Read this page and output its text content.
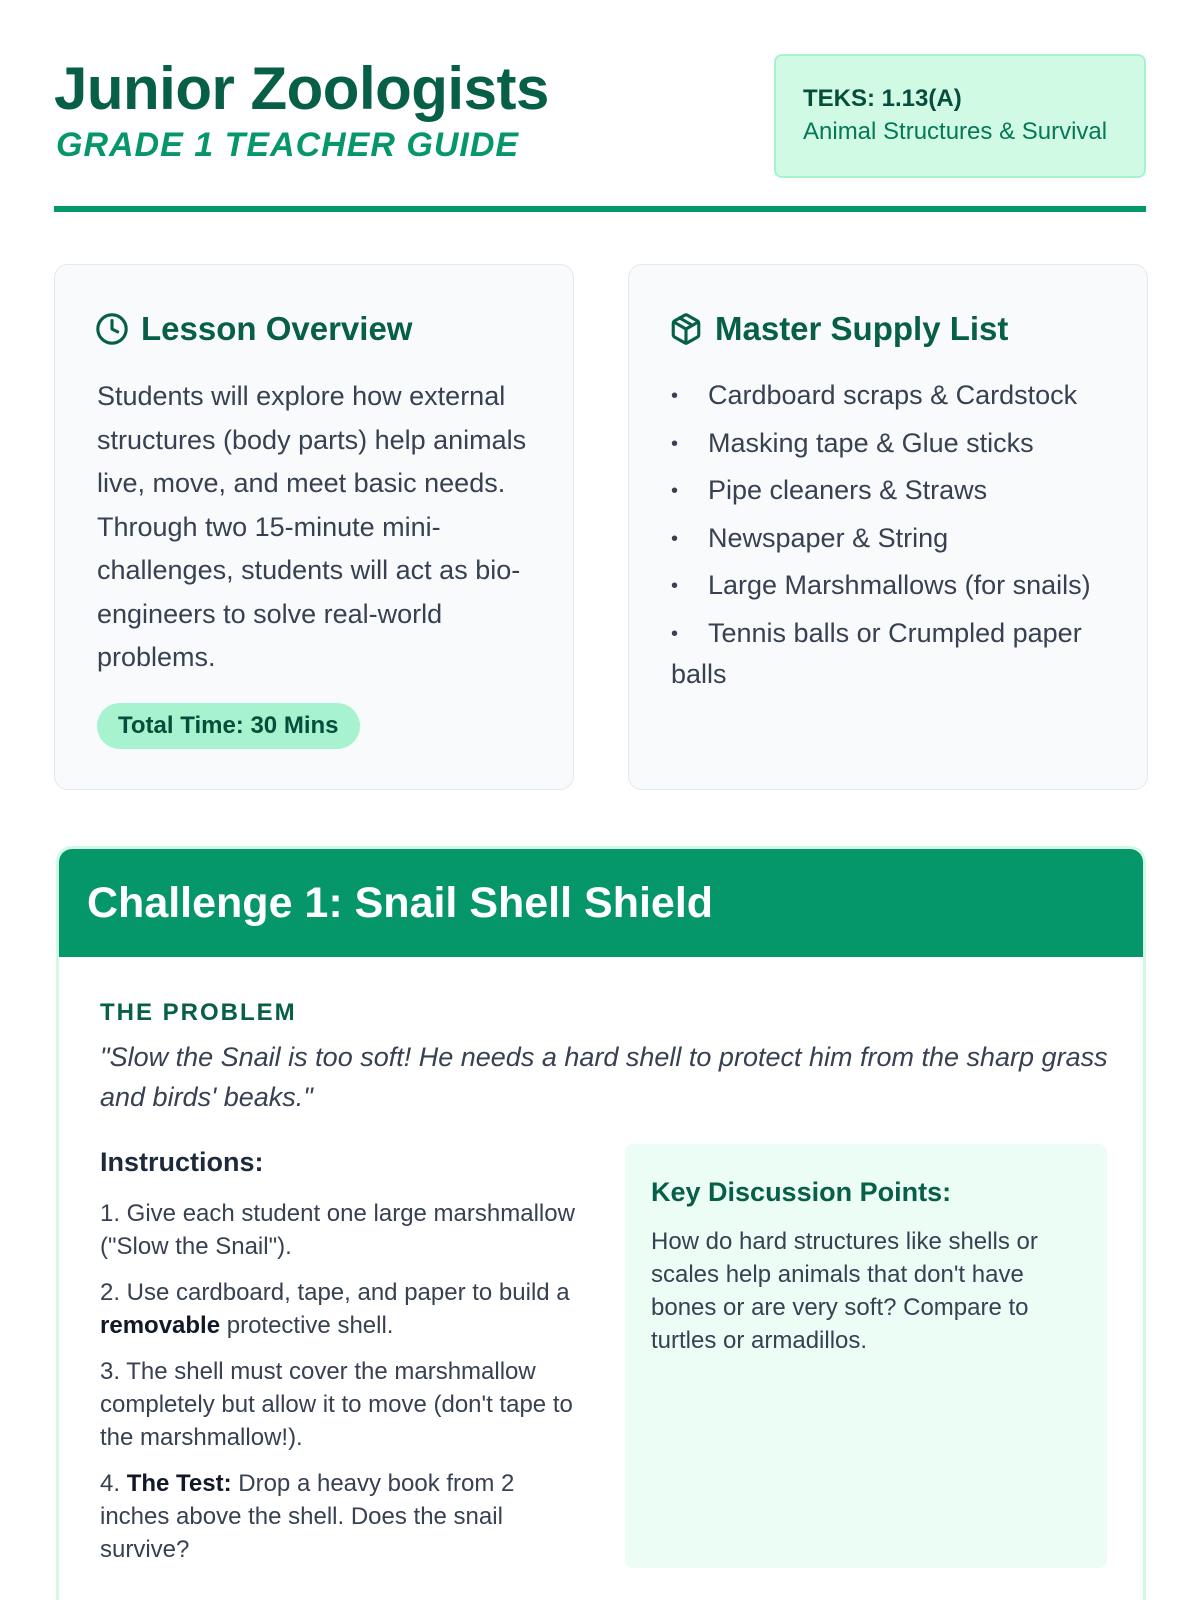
Junior Zoologists
GRADE 1 TEACHER GUIDE
TEKS: 1.13(A)
Animal Structures & Survival
Lesson Overview

Students will explore how external structures (body parts) help animals live, move, and meet basic needs. Through two 15-minute mini-challenges, students will act as bio-engineers to solve real-world problems.

Total Time: 30 Mins
Master Supply List
• Cardboard scraps & Cardstock
• Masking tape & Glue sticks
• Pipe cleaners & Straws
• Newspaper & String
• Large Marshmallows (for snails)
• Tennis balls or Crumpled paper balls
Challenge 1: Snail Shell Shield
THE PROBLEM

"Slow the Snail is too soft! He needs a hard shell to protect him from the sharp grass and birds' beaks."

Instructions:

1. Give each student one large marshmallow ("Slow the Snail").

2. Use cardboard, tape, and paper to build a removable protective shell.

3. The shell must cover the marshmallow completely but allow it to move (don't tape to the marshmallow!).

4. The Test: Drop a heavy book from 2 inches above the shell. Does the snail survive?

Key Discussion Points:

How do hard structures like shells or scales help animals that don't have bones or are very soft? Compare to turtles or armadillos.
